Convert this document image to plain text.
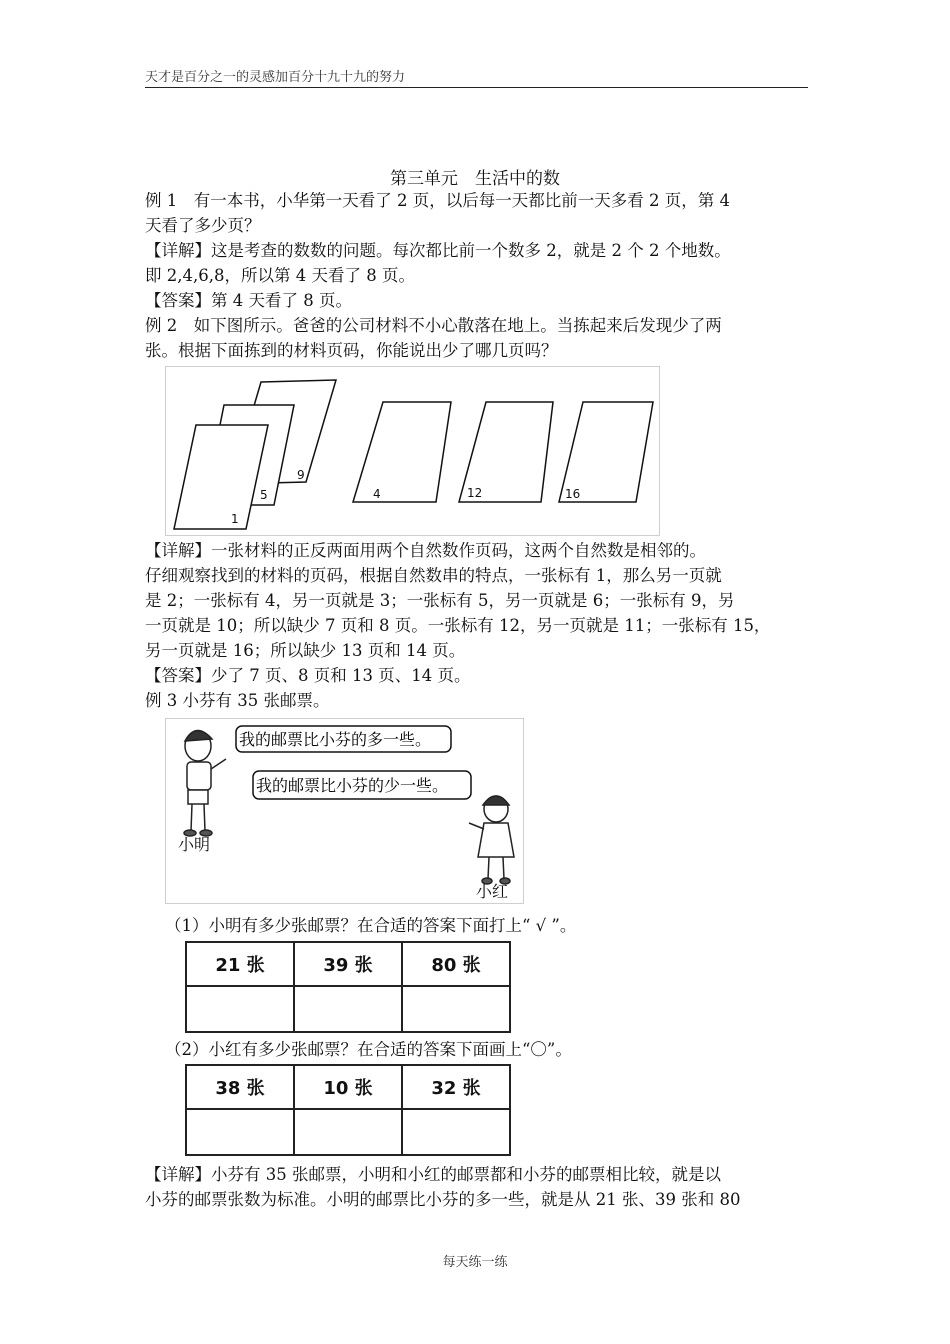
天才是百分之一的灵感加百分十九十九的努力
第三单元　生活中的数
例 1　有一本书，小华第一天看了 2 页，以后每一天都比前一天多看 2 页，第 4
天看了多少页？
【详解】这是考查的数数的问题。每次都比前一个数多 2，就是 2 个 2 个地数。
即 2,4,6,8，所以第 4 天看了 8 页。
【答案】第 4 天看了 8 页。
例 2　如下图所示。爸爸的公司材料不小心散落在地上。当拣起来后发现少了两
张。根据下面拣到的材料页码，你能说出少了哪几页吗？
1
5
9
4	12	16
【详解】一张材料的正反两面用两个自然数作页码，这两个自然数是相邻的。
仔细观察找到的材料的页码，根据自然数串的特点，一张标有 1，那么另一页就
是 2；一张标有 4，另一页就是 3；一张标有 5，另一页就是 6；一张标有 9，另
一页就是 10；所以缺少 7 页和 8 页。一张标有 12，另一页就是 11；一张标有 15，
另一页就是 16；所以缺少 13 页和 14 页。
【答案】少了 7 页、8 页和 13 页、14 页。
例 3 小芬有 35 张邮票。
我的邮票比小芬的多一些。
我的邮票比小芬的少一些。
小明
小红
（1）小明有多少张邮票？在合适的答案下面打上“ √ ”。
21 张	39 张	80 张

（2）小红有多少张邮票？在合适的答案下面画上“〇”。
38 张	10 张	32 张

【详解】小芬有 35 张邮票，小明和小红的邮票都和小芬的邮票相比较，就是以
小芬的邮票张数为标准。小明的邮票比小芬的多一些，就是从 21 张、39 张和 80
每天练一练
